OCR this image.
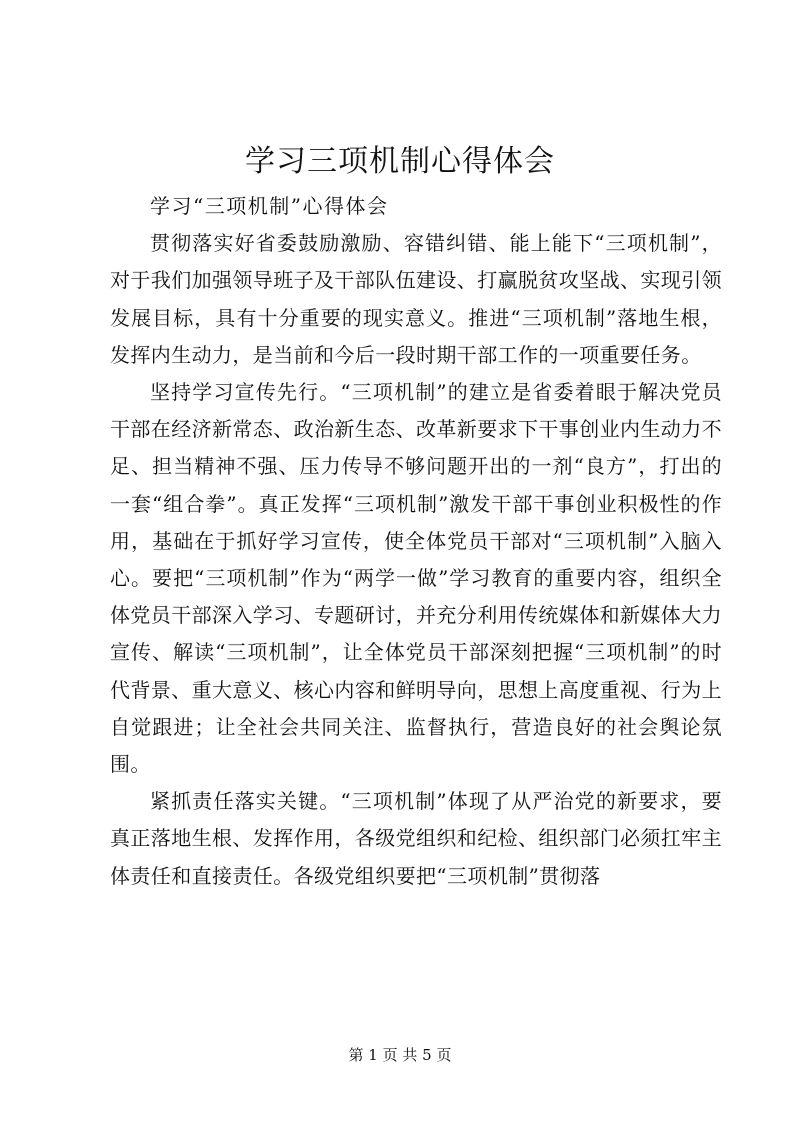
学习三项机制心得体会

学习“三项机制”心得体会

贯彻落实好省委鼓励激励、容错纠错、能上能下“三项机制”，对于我们加强领导班子及干部队伍建设、打赢脱贫攻坚战、实现引领发展目标，具有十分重要的现实意义。推进“三项机制”落地生根，发挥内生动力，是当前和今后一段时期干部工作的一项重要任务。

坚持学习宣传先行。“三项机制”的建立是省委着眼于解决党员干部在经济新常态、政治新生态、改革新要求下干事创业内生动力不足、担当精神不强、压力传导不够问题开出的一剂“良方”，打出的一套“组合拳”。真正发挥“三项机制”激发干部干事创业积极性的作用，基础在于抓好学习宣传，使全体党员干部对“三项机制”入脑入心。要把“三项机制”作为“两学一做”学习教育的重要内容，组织全体党员干部深入学习、专题研讨，并充分利用传统媒体和新媒体大力宣传、解读“三项机制”，让全体党员干部深刻把握“三项机制”的时代背景、重大意义、核心内容和鲜明导向，思想上高度重视、行为上自觉跟进；让全社会共同关注、监督执行，营造良好的社会舆论氛围。

紧抓责任落实关键。“三项机制”体现了从严治党的新要求，要真正落地生根、发挥作用，各级党组织和纪检、组织部门必须扛牢主体责任和直接责任。各级党组织要把“三项机制”贯彻落

第 1 页 共 5 页
